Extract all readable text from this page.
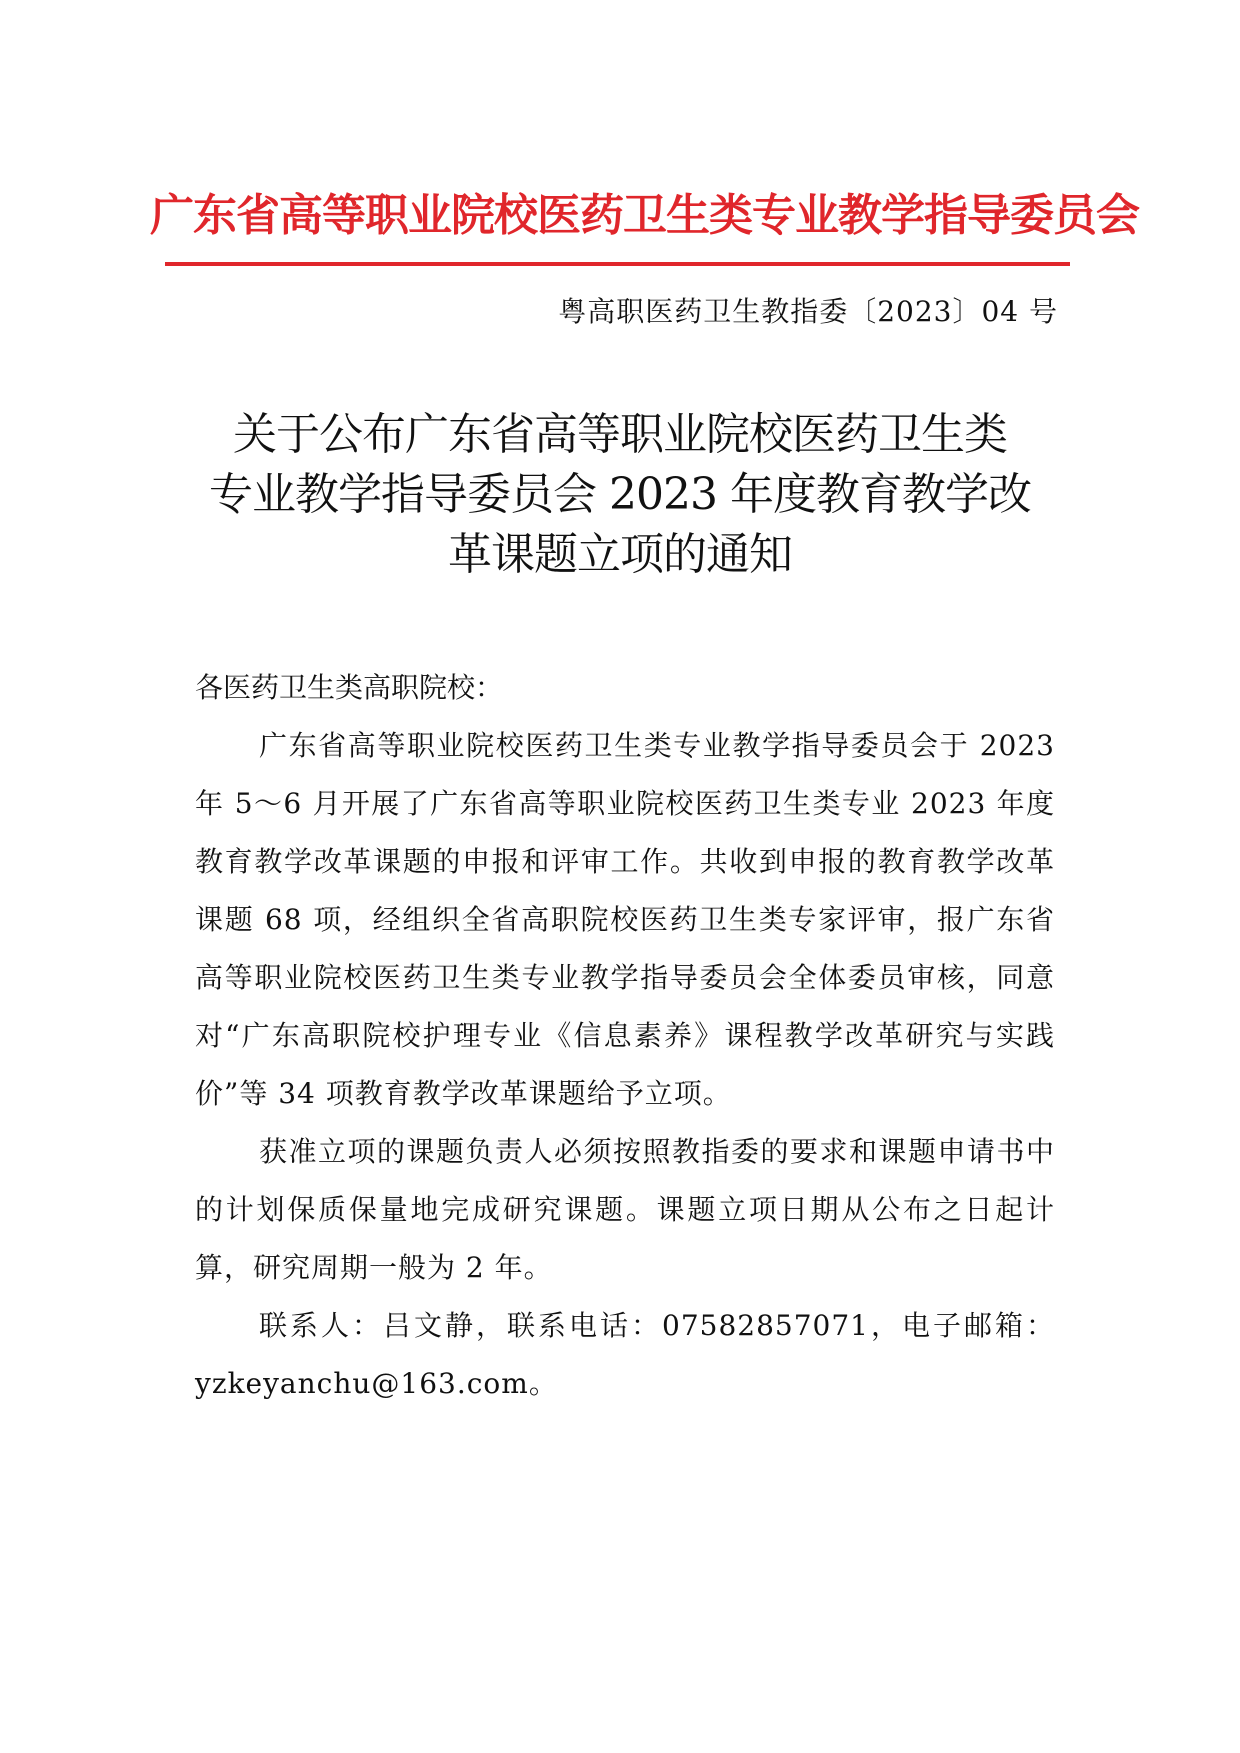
广东省高等职业院校医药卫生类专业教学指导委员会
粤高职医药卫生教指委〔2023〕04 号
关于公布广东省高等职业院校医药卫生类
专业教学指导委员会 2023 年度教育教学改
革课题立项的通知
各医药卫生类高职院校：

广东省高等职业院校医药卫生类专业教学指导委员会于 2023 年 5～6 月开展了广东省高等职业院校医药卫生类专业 2023 年度教育教学改革课题的申报和评审工作。共收到申报的教育教学改革课题 68 项，经组织全省高职院校医药卫生类专家评审，报广东省高等职业院校医药卫生类专业教学指导委员会全体委员审核，同意对“广东高职院校护理专业《信息素养》课程教学改革研究与实践价”等 34 项教育教学改革课题给予立项。

获准立项的课题负责人必须按照教指委的要求和课题申请书中的计划保质保量地完成研究课题。课题立项日期从公布之日起计算，研究周期一般为 2 年。

联系人：吕文静，联系电话：07582857071，电子邮箱：yzkeyanchu@163.com。
